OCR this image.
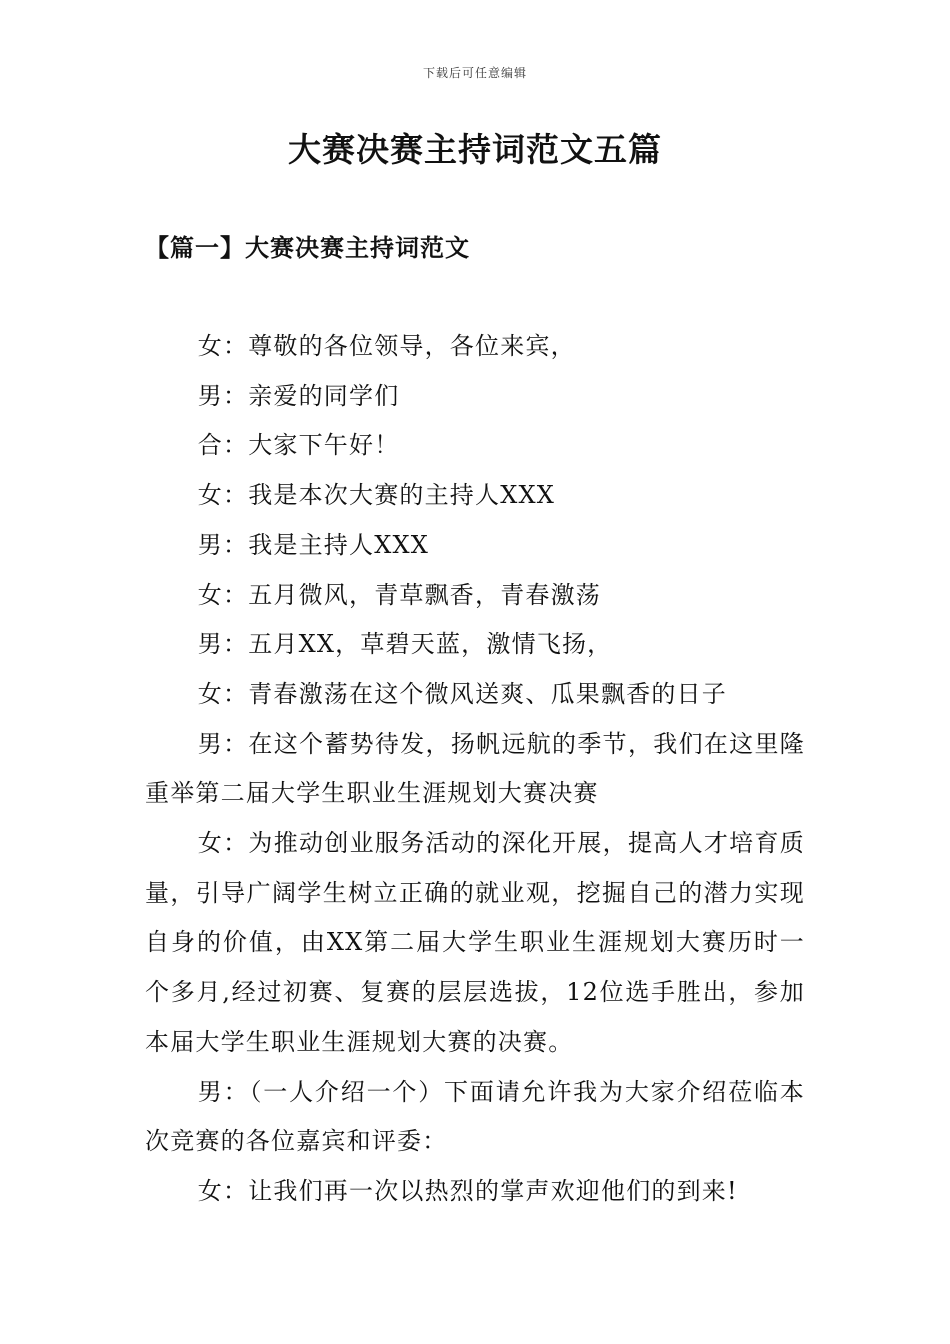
下载后可任意编辑
大赛决赛主持词范文五篇
【篇一】大赛决赛主持词范文

女：尊敬的各位领导，各位来宾，

男：亲爱的同学们

合：大家下午好！

女：我是本次大赛的主持人XXX

男：我是主持人XXX

女：五月微风，青草飘香，青春激荡

男：五月XX，草碧天蓝，激情飞扬，

女：青春激荡在这个微风送爽、瓜果飘香的日子

男：在这个蓄势待发，扬帆远航的季节，我们在这里隆重举第二届大学生职业生涯规划大赛决赛

女：为推动创业服务活动的深化开展，提高人才培育质量，引导广阔学生树立正确的就业观，挖掘自己的潜力实现自身的价值，由XX第二届大学生职业生涯规划大赛历时一个多月,经过初赛、复赛的层层选拔，12位选手胜出，参加本届大学生职业生涯规划大赛的决赛。

男：（一人介绍一个）下面请允许我为大家介绍莅临本次竞赛的各位嘉宾和评委：

女：让我们再一次以热烈的掌声欢迎他们的到来!
